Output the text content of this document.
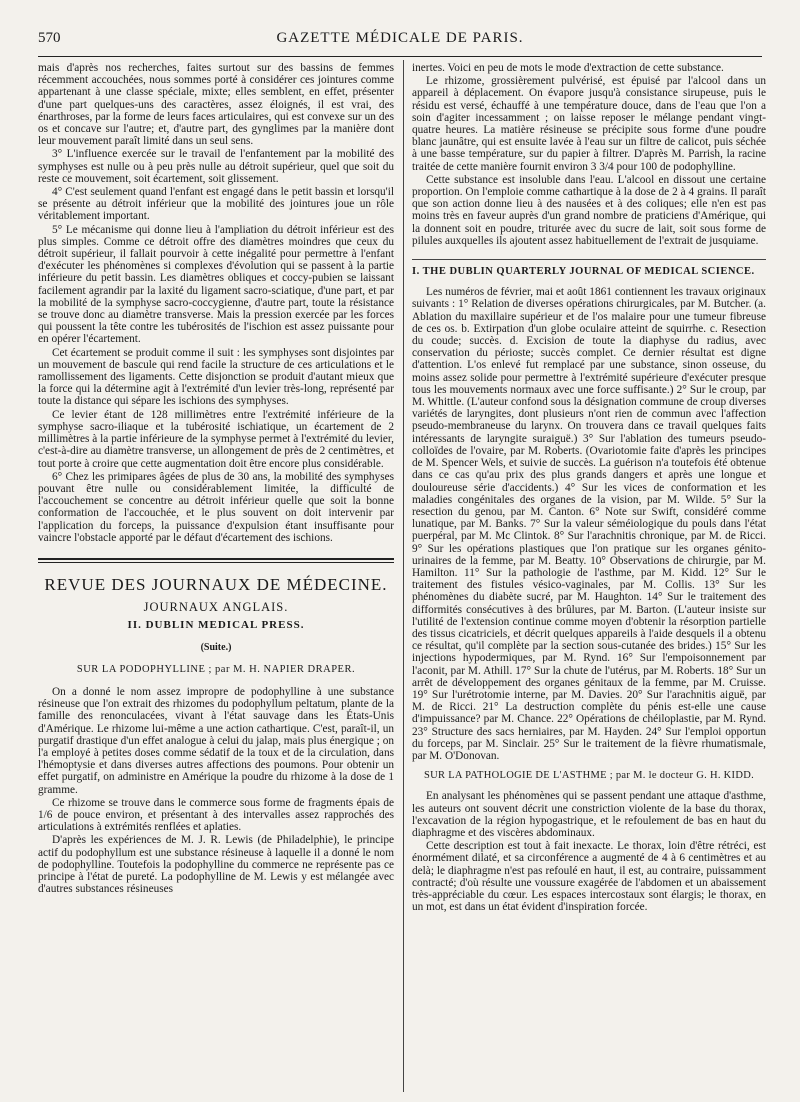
570	GAZETTE MÉDICALE DE PARIS.

mais d'après nos recherches, faites surtout sur des bassins de femmes récemment accouchées, nous sommes porté à considérer ces jointures comme appartenant à une classe spéciale, mixte; elles semblent, en effet, présenter d'une part quelques-uns des caractères, assez éloignés, il est vrai, des énarthroses, par la forme de leurs faces articulaires, qui est convexe sur un des os et concave sur l'autre; et, d'autre part, des gynglimes par la manière dont leur mouvement paraît limité dans un seul sens.

3° L'influence exercée sur le travail de l'enfantement par la mobilité des symphyses est nulle ou à peu près nulle au détroit supérieur, quel que soit du reste ce mouvement, soit écartement, soit glissement.

4° C'est seulement quand l'enfant est engagé dans le petit bassin et lorsqu'il se présente au détroit inférieur que la mobilité des jointures joue un rôle véritablement important.

5° Le mécanisme qui donne lieu à l'ampliation du détroit inférieur est des plus simples. Comme ce détroit offre des diamètres moindres que ceux du détroit supérieur, il fallait pourvoir à cette inégalité pour permettre à l'enfant d'exécuter les phénomènes si complexes d'évolution qui se passent à la partie inférieure du petit bassin. Les diamètres obliques et coccy-pubien se laissant facilement agrandir par la laxité du ligament sacro-sciatique, d'une part, et par la mobilité de la symphyse sacro-coccygienne, d'autre part, toute la résistance se trouve donc au diamètre transverse. Mais la pression exercée par les forces qui poussent la tête contre les tubérosités de l'ischion est assez puissante pour en opérer l'écartement.

Cet écartement se produit comme il suit : les symphyses sont disjointes par un mouvement de bascule qui rend facile la structure de ces articulations et le ramollissement des ligaments. Cette disjonction se produit d'autant mieux que la force qui la détermine agit à l'extrémité d'un levier très-long, représenté par toute la distance qui sépare les ischions des symphyses.

Ce levier étant de 128 millimètres entre l'extrémité inférieure de la symphyse sacro-iliaque et la tubérosité ischiatique, un écartement de 2 millimètres à la partie inférieure de la symphyse permet à l'extrémité du levier, c'est-à-dire au diamètre transverse, un allongement de près de 2 centimètres, et tout porte à croire que cette augmentation doit être encore plus considérable.

6° Chez les primipares âgées de plus de 30 ans, la mobilité des symphyses pouvant être nulle ou considérablement limitée, la difficulté de l'accouchement se concentre au détroit inférieur quelle que soit la bonne conformation de l'accouchée, et le plus souvent on doit intervenir par l'application du forceps, la puissance d'expulsion étant insuffisante pour vaincre l'obstacle apporté par le défaut d'écartement des ischions.

REVUE DES JOURNAUX DE MÉDECINE.
JOURNAUX ANGLAIS.
II. DUBLIN MEDICAL PRESS.
(Suite.)
SUR LA PODOPHYLLINE ; par M. H. NAPIER DRAPER.

On a donné le nom assez impropre de podophylline à une substance résineuse que l'on extrait des rhizomes du podophyllum peltatum, plante de la famille des renonculacées, vivant à l'état sauvage dans les États-Unis d'Amérique. Le rhizome lui-même a une action cathartique. C'est, paraît-il, un purgatif drastique d'un effet analogue à celui du jalap, mais plus énergique ; on l'a employé à petites doses comme sédatif de la toux et de la circulation, dans l'hémoptysie et dans diverses autres affections des poumons. Pour obtenir un effet purgatif, on administre en Amérique la poudre du rhizome à la dose de 1 gramme.

Ce rhizome se trouve dans le commerce sous forme de fragments épais de 1/6 de pouce environ, et présentant à des intervalles assez rapprochés des articulations à extrémités renflées et aplaties.

D'après les expériences de M. J. R. Lewis (de Philadelphie), le principe actif du podophyllum est une substance résineuse à laquelle il a donné le nom de podophylline. Toutefois la podophylline du commerce ne représente pas ce principe à l'état de pureté. La podophylline de M. Lewis y est mélangée avec d'autres substances résineuses

inertes. Voici en peu de mots le mode d'extraction de cette substance.

Le rhizome, grossièrement pulvérisé, est épuisé par l'alcool dans un appareil à déplacement. On évapore jusqu'à consistance sirupeuse, puis le résidu est versé, échauffé à une température douce, dans de l'eau que l'on a soin d'agiter incessamment ; on laisse reposer le mélange pendant vingt-quatre heures. La matière résineuse se précipite sous forme d'une poudre blanc jaunâtre, qui est ensuite lavée à l'eau sur un filtre de calicot, puis séchée à une basse température, sur du papier à filtrer. D'après M. Parrish, la racine traitée de cette manière fournit environ 3 3/4 pour 100 de podophylline.

Cette substance est insoluble dans l'eau. L'alcool en dissout une certaine proportion. On l'emploie comme cathartique à la dose de 2 à 4 grains. Il paraît que son action donne lieu à des nausées et à des coliques; elle n'en est pas moins très en faveur auprès d'un grand nombre de praticiens d'Amérique, qui la donnent soit en poudre, triturée avec du sucre de lait, soit sous forme de pilules auxquelles ils ajoutent assez habituellement de l'extrait de jusquiame.

I. THE DUBLIN QUARTERLY JOURNAL OF MEDICAL SCIENCE.

Les numéros de février, mai et août 1861 contiennent les travaux originaux suivants : 1° Relation de diverses opérations chirurgicales, par M. Butcher. (a. Ablation du maxillaire supérieur et de l'os malaire pour une tumeur fibreuse de ces os. b. Extirpation d'un globe oculaire atteint de squirrhe. c. Resection du coude; succès. d. Excision de toute la diaphyse du radius, avec conservation du périoste; succès complet. Ce dernier résultat est digne d'attention. L'os enlevé fut remplacé par une substance, sinon osseuse, du moins assez solide pour permettre à l'extrémité supérieure d'exécuter presque tous les mouvements normaux avec une force suffisante.) 2° Sur le croup, par M. Whittle. (L'auteur confond sous la désignation commune de croup diverses variétés de laryngites, dont plusieurs n'ont rien de commun avec l'affection pseudo-membraneuse du larynx. On trouvera dans ce travail quelques faits intéressants de laryngite suraiguë.) 3° Sur l'ablation des tumeurs pseudo-colloïdes de l'ovaire, par M. Roberts. (Ovariotomie faite d'après les principes de M. Spencer Wels, et suivie de succès. La guérison n'a toutefois été obtenue dans ce cas qu'au prix des plus grands dangers et après une longue et douloureuse série d'accidents.) 4° Sur les vices de conformation et les maladies congénitales des organes de la vision, par M. Wilde. 5° Sur la resection du genou, par M. Canton. 6° Note sur Swift, considéré comme lunatique, par M. Banks. 7° Sur la valeur séméiologique du pouls dans l'état puerpéral, par M. Mc Clintok. 8° Sur l'arachnitis chronique, par M. de Ricci. 9° Sur les opérations plastiques que l'on pratique sur les organes génito-urinaires de la femme, par M. Beatty. 10° Observations de chirurgie, par M. Hamilton. 11° Sur la pathologie de l'asthme, par M. Kidd. 12° Sur le traitement des fistules vésico-vaginales, par M. Collis. 13° Sur les phénomènes du diabète sucré, par M. Haughton. 14° Sur le traitement des difformités consécutives à des brûlures, par M. Barton. (L'auteur insiste sur l'utilité de l'extension continue comme moyen d'obtenir la résorption partielle des tissus cicatriciels, et décrit quelques appareils à l'aide desquels il a obtenu ce résultat, qu'il complète par la section sous-cutanée des brides.) 15° Sur les injections hypodermiques, par M. Rynd. 16° Sur l'empoisonnement par l'aconit, par M. Athill. 17° Sur la chute de l'utérus, par M. Roberts. 18° Sur un arrêt de développement des organes génitaux de la femme, par M. Cruisse. 19° Sur l'urétrotomie interne, par M. Davies. 20° Sur l'arachnitis aiguë, par M. de Ricci. 21° La destruction complète du pénis est-elle une cause d'impuissance? par M. Chance. 22° Opérations de chéiloplastie, par M. Rynd. 23° Structure des sacs herniaires, par M. Hayden. 24° Sur l'emploi opportun du forceps, par M. Sinclair. 25° Sur le traitement de la fièvre rhumatismale, par M. O'Donovan.

SUR LA PATHOLOGIE DE L'ASTHME ; par M. le docteur G. H. KIDD.

En analysant les phénomènes qui se passent pendant une attaque d'asthme, les auteurs ont souvent décrit une constriction violente de la base du thorax, l'excavation de la région hypogastrique, et le refoulement de bas en haut du diaphragme et des viscères abdominaux.

Cette description est tout à fait inexacte. Le thorax, loin d'être rétréci, est énormément dilaté, et sa circonférence a augmenté de 4 à 6 centimètres et au delà; le diaphragme n'est pas refoulé en haut, il est, au contraire, puissamment contracté; d'où résulte une voussure exagérée de l'abdomen et un abaissement très-appréciable du cœur. Les espaces intercostaux sont élargis; le thorax, en un mot, est dans un état évident d'inspiration forcée.
